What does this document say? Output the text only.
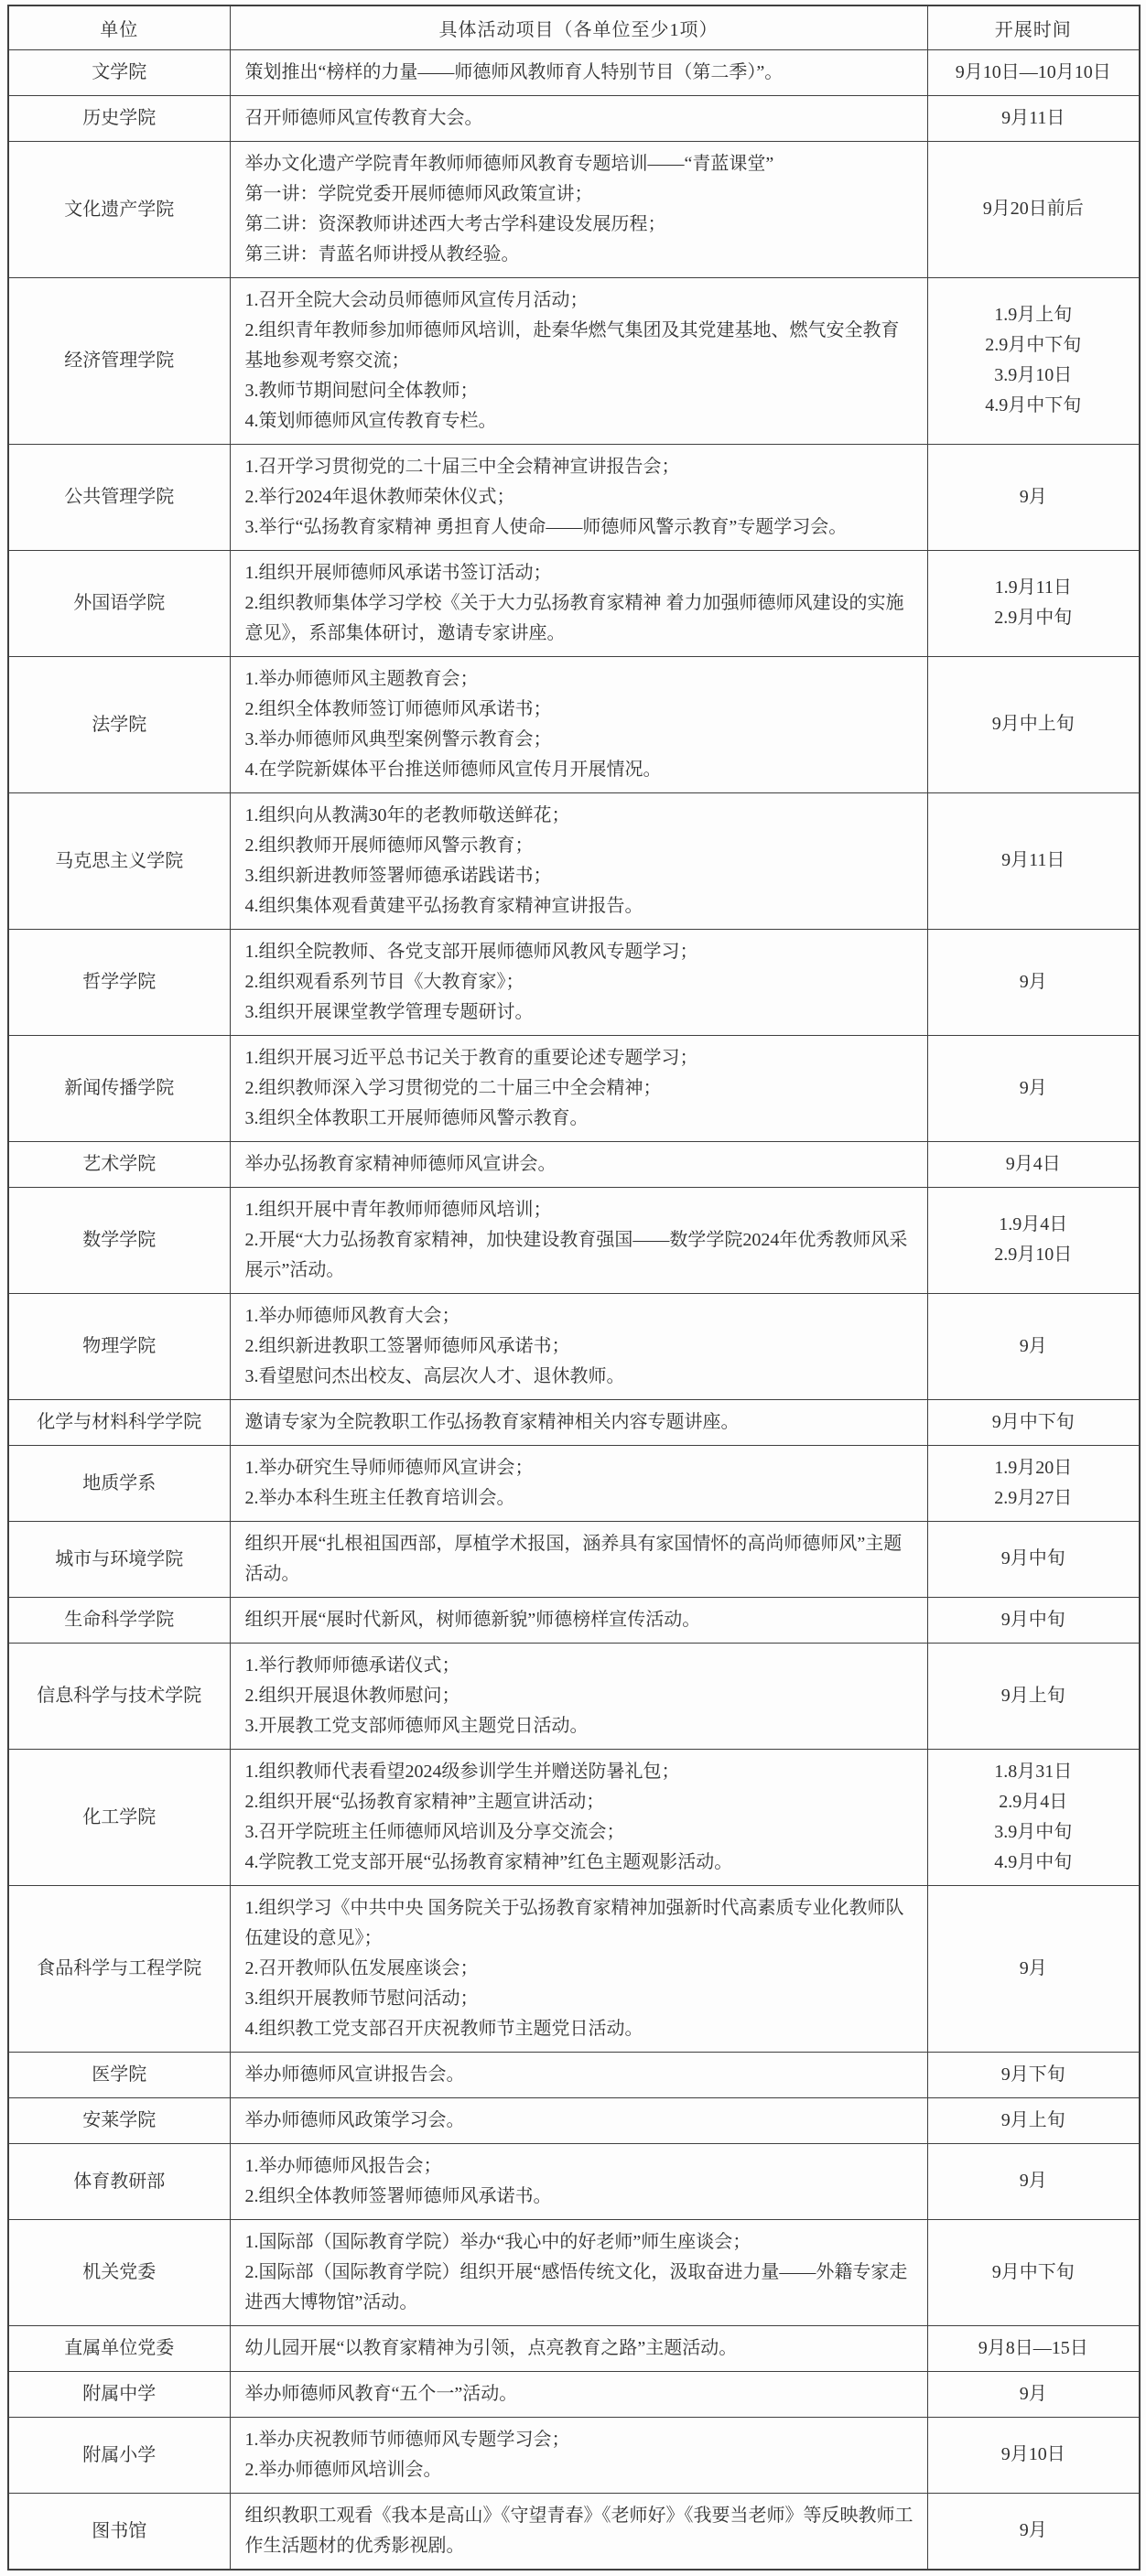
单位	具体活动项目（各单位至少1项）	开展时间
文学院	策划推出“榜样的力量——师德师风教师育人特别节目（第二季）”。	9月10日—10月10日

历史学院	召开师德师风宣传教育大会。	9月11日

文化遗产学院	举办文化遗产学院青年教师师德师风教育专题培训——“青蓝课堂”
第一讲：学院党委开展师德师风政策宣讲；
第二讲：资深教师讲述西大考古学科建设发展历程；
第三讲：青蓝名师讲授从教经验。	9月20日前后

经济管理学院	1.召开全院大会动员师德师风宣传月活动；
2.组织青年教师参加师德师风培训，赴秦华燃气集团及其党建基地、燃气安全教育基地参观考察交流；
3.教师节期间慰问全体教师；
4.策划师德师风宣传教育专栏。	1.9月上旬
2.9月中下旬
3.9月10日
4.9月中下旬

公共管理学院	1.召开学习贯彻党的二十届三中全会精神宣讲报告会；
2.举行2024年退休教师荣休仪式；
3.举行“弘扬教育家精神 勇担育人使命——师德师风警示教育”专题学习会。	9月

外国语学院	1.组织开展师德师风承诺书签订活动；
2.组织教师集体学习学校《关于大力弘扬教育家精神 着力加强师德师风建设的实施意见》，系部集体研讨，邀请专家讲座。	1.9月11日
2.9月中旬

法学院	1.举办师德师风主题教育会；
2.组织全体教师签订师德师风承诺书；
3.举办师德师风典型案例警示教育会；
4.在学院新媒体平台推送师德师风宣传月开展情况。	9月中上旬

马克思主义学院	1.组织向从教满30年的老教师敬送鲜花；
2.组织教师开展师德师风警示教育；
3.组织新进教师签署师德承诺践诺书；
4.组织集体观看黄建平弘扬教育家精神宣讲报告。	9月11日

哲学学院	1.组织全院教师、各党支部开展师德师风教风专题学习；
2.组织观看系列节目《大教育家》；
3.组织开展课堂教学管理专题研讨。	9月

新闻传播学院	1.组织开展习近平总书记关于教育的重要论述专题学习；
2.组织教师深入学习贯彻党的二十届三中全会精神；
3.组织全体教职工开展师德师风警示教育。	9月

艺术学院	举办弘扬教育家精神师德师风宣讲会。	9月4日

数学学院	1.组织开展中青年教师师德师风培训；
2.开展“大力弘扬教育家精神，加快建设教育强国——数学学院2024年优秀教师风采展示”活动。	1.9月4日
2.9月10日

物理学院	1.举办师德师风教育大会；
2.组织新进教职工签署师德师风承诺书；
3.看望慰问杰出校友、高层次人才、退休教师。	9月

化学与材料科学学院	邀请专家为全院教职工作弘扬教育家精神相关内容专题讲座。	9月中下旬

地质学系	1.举办研究生导师师德师风宣讲会；
2.举办本科生班主任教育培训会。	1.9月20日
2.9月27日

城市与环境学院	组织开展“扎根祖国西部，厚植学术报国，涵养具有家国情怀的高尚师德师风”主题活动。	9月中旬

生命科学学院	组织开展“展时代新风，树师德新貌”师德榜样宣传活动。	9月中旬

信息科学与技术学院	1.举行教师师德承诺仪式；
2.组织开展退休教师慰问；
3.开展教工党支部师德师风主题党日活动。	9月上旬

化工学院	1.组织教师代表看望2024级参训学生并赠送防暑礼包；
2.组织开展“弘扬教育家精神”主题宣讲活动；
3.召开学院班主任师德师风培训及分享交流会；
4.学院教工党支部开展“弘扬教育家精神”红色主题观影活动。	1.8月31日
2.9月4日
3.9月中旬
4.9月中旬

食品科学与工程学院	1.组织学习《中共中央 国务院关于弘扬教育家精神加强新时代高素质专业化教师队伍建设的意见》；
2.召开教师队伍发展座谈会；
3.组织开展教师节慰问活动；
4.组织教工党支部召开庆祝教师节主题党日活动。	9月

医学院	举办师德师风宣讲报告会。	9月下旬

安莱学院	举办师德师风政策学习会。	9月上旬

体育教研部	1.举办师德师风报告会；
2.组织全体教师签署师德师风承诺书。	9月

机关党委	1.国际部（国际教育学院）举办“我心中的好老师”师生座谈会；
2.国际部（国际教育学院）组织开展“感悟传统文化，汲取奋进力量——外籍专家走进西大博物馆”活动。	9月中下旬

直属单位党委	幼儿园开展“以教育家精神为引领，点亮教育之路”主题活动。	9月8日—15日

附属中学	举办师德师风教育“五个一”活动。	9月

附属小学	1.举办庆祝教师节师德师风专题学习会；
2.举办师德师风培训会。	9月10日

图书馆	组织教职工观看《我本是高山》《守望青春》《老师好》《我要当老师》等反映教师工作生活题材的优秀影视剧。	9月
